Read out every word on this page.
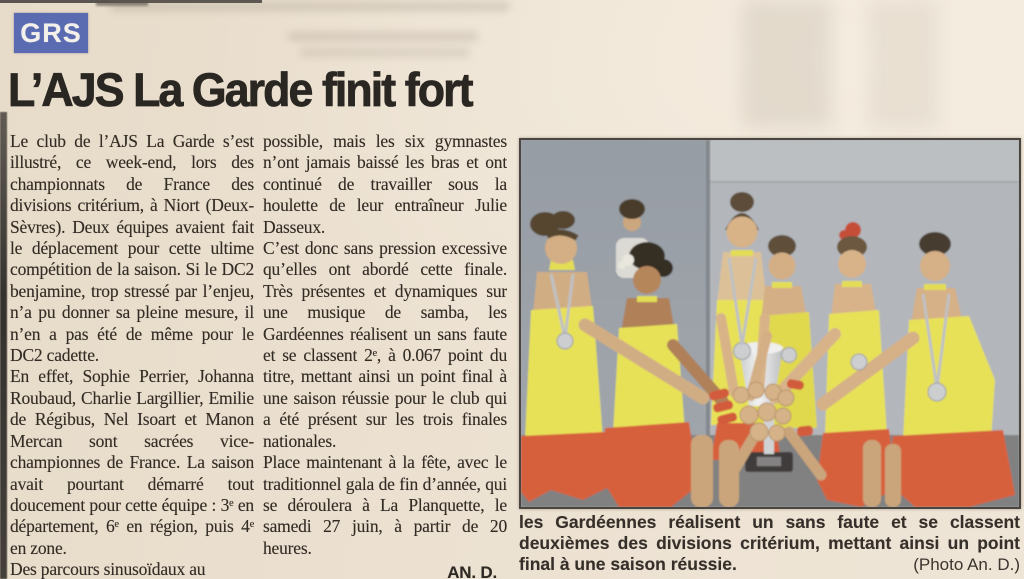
GRS
L’AJS La Garde finit fort

Le club de l’AJS La Garde s’est illustré, ce week-end, lors des championnats de France des divisions critérium, à Niort (Deux-Sèvres). Deux équipes avaient fait le déplacement pour cette ultime compétition de la saison. Si le DC2 benjamine, trop stressé par l’enjeu, n’a pu donner sa pleine mesure, il n’en a pas été de même pour le DC2 cadette.

En effet, Sophie Perrier, Johanna Roubaud, Charlie Largillier, Emilie de Régibus, Nel Isoart et Manon Mercan sont sacrées vice-championnes de France. La saison avait pourtant démarré tout doucement pour cette équipe : 3ᵉ en département, 6ᵉ en région, puis 4ᵉ en zone.

Des parcours sinusoïdaux au

possible, mais les six gymnastes n’ont jamais baissé les bras et ont continué de travailler sous la houlette de leur entraîneur Julie Dasseux.

C’est donc sans pression excessive qu’elles ont abordé cette finale. Très présentes et dynamiques sur une musique de samba, les Gardéennes réalisent un sans faute et se classent 2ᵉ, à 0.067 point du titre, mettant ainsi un point final à une saison réussie pour le club qui a été présent sur les trois finales nationales.

Place maintenant à la fête, avec le traditionnel gala de fin d’année, qui se déroulera à La Planquette, le samedi 27 juin, à partir de 20 heures.

AN. D.
les Gardéennes réalisent un sans faute et se classent deuxièmes des divisions critérium, mettant ainsi un point final à une saison réussie.	(Photo An. D.)
